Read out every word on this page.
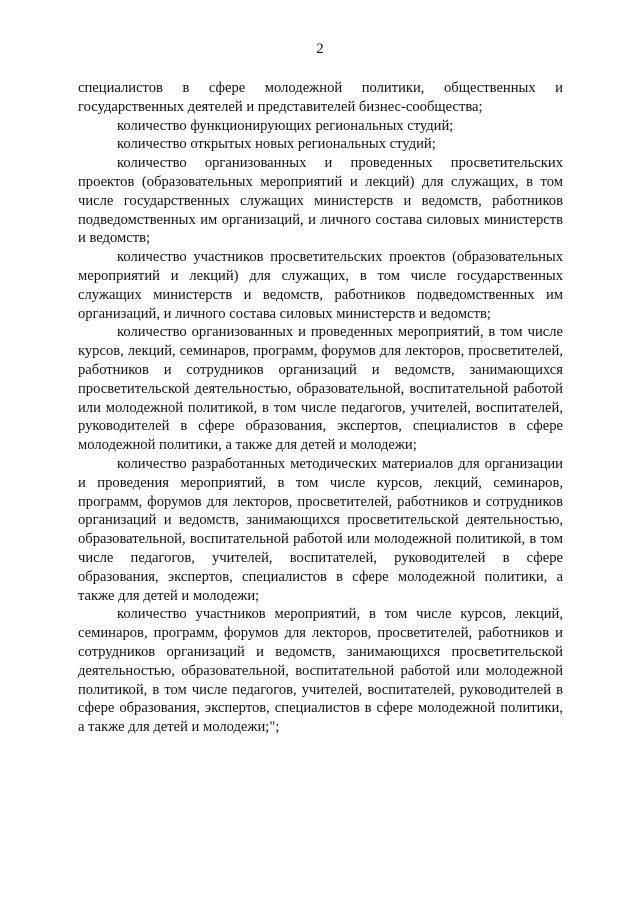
2

специалистов в сфере молодежной политики, общественных и государственных деятелей и представителей бизнес-сообщества;

количество функционирующих региональных студий;

количество открытых новых региональных студий;

количество организованных и проведенных просветительских проектов (образовательных мероприятий и лекций) для служащих, в том числе государственных служащих министерств и ведомств, работников подведомственных им организаций, и личного состава силовых министерств и ведомств;

количество участников просветительских проектов (образовательных мероприятий и лекций) для служащих, в том числе государственных служащих министерств и ведомств, работников подведомственных им организаций, и личного состава силовых министерств и ведомств;

количество организованных и проведенных мероприятий, в том числе курсов, лекций, семинаров, программ, форумов для лекторов, просветителей, работников и сотрудников организаций и ведомств, занимающихся просветительской деятельностью, образовательной, воспитательной работой или молодежной политикой, в том числе педагогов, учителей, воспитателей, руководителей в сфере образования, экспертов, специалистов в сфере молодежной политики, а также для детей и молодежи;

количество разработанных методических материалов для организации и проведения мероприятий, в том числе курсов, лекций, семинаров, программ, форумов для лекторов, просветителей, работников и сотрудников организаций и ведомств, занимающихся просветительской деятельностью, образовательной, воспитательной работой или молодежной политикой, в том числе педагогов, учителей, воспитателей, руководителей в сфере образования, экспертов, специалистов в сфере молодежной политики, а также для детей и молодежи;

количество участников мероприятий, в том числе курсов, лекций, семинаров, программ, форумов для лекторов, просветителей, работников и сотрудников организаций и ведомств, занимающихся просветительской деятельностью, образовательной, воспитательной работой или молодежной политикой, в том числе педагогов, учителей, воспитателей, руководителей в сфере образования, экспертов, специалистов в сфере молодежной политики, а также для детей и молодежи;";
